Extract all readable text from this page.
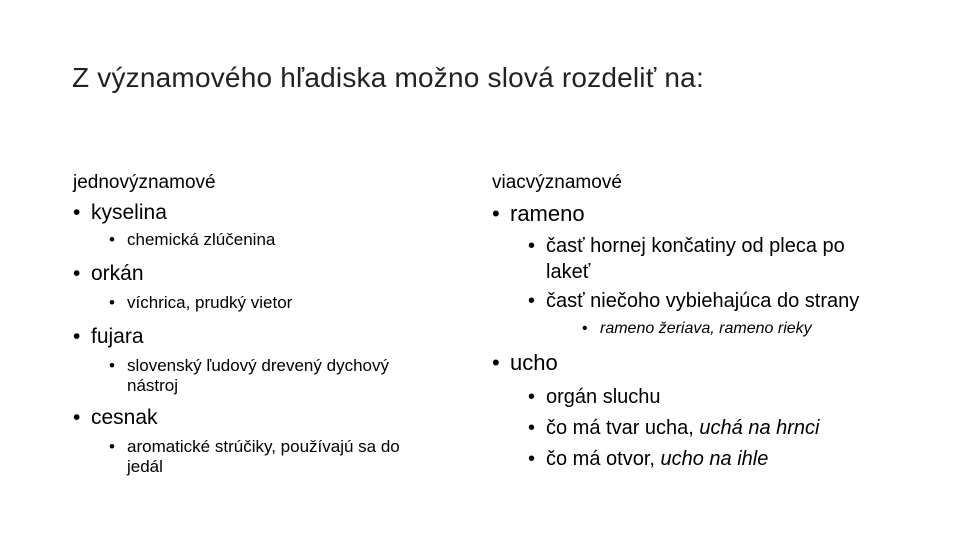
Z významového hľadiska možno slová rozdeliť na:
jednovýznamové
• kyselina
• chemická zlúčenina
• orkán
• víchrica, prudký vietor
• fujara
• slovenský ľudový drevený dychový nástroj
• cesnak
• aromatické strúčiky, používajú sa do jedál
viacvýznamové
• rameno
• časť hornej končatiny od pleca po lakeť
• časť niečoho vybiehajúca do strany
• rameno žeriava, rameno rieky
• ucho
• orgán sluchu
• čo má tvar ucha, uchá na hrnci
• čo má otvor, ucho na ihle
